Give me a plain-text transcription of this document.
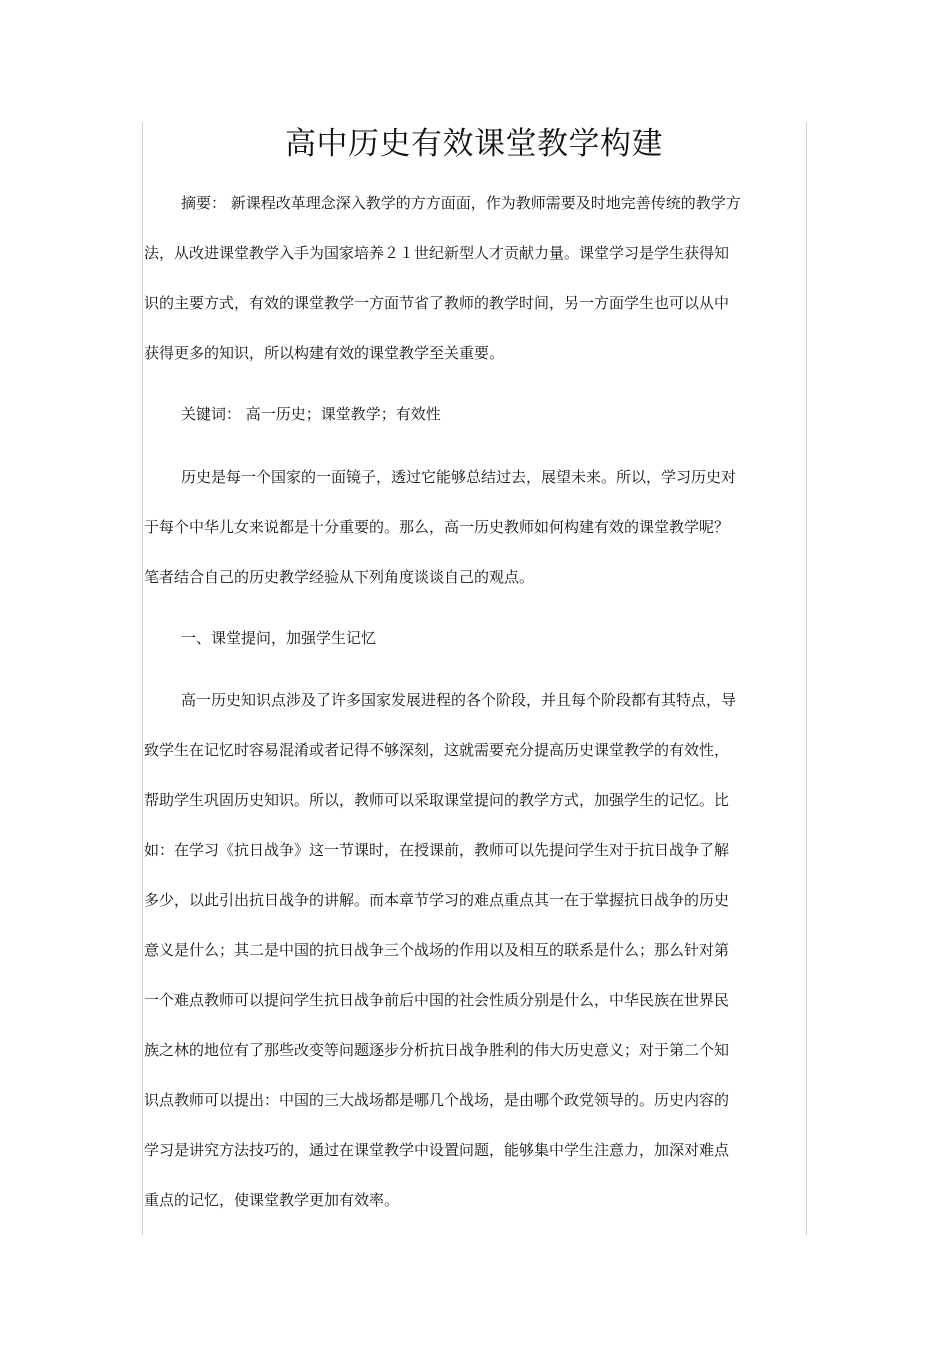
高中历史有效课堂教学构建

摘要： 新课程改革理念深入教学的方方面面，作为教师需要及时地完善传统的教学方

法，从改进课堂教学入手为国家培养２１世纪新型人才贡献力量。课堂学习是学生获得知

识的主要方式，有效的课堂教学一方面节省了教师的教学时间，另一方面学生也可以从中

获得更多的知识，所以构建有效的课堂教学至关重要。

关键词： 高一历史；课堂教学；有效性

历史是每一个国家的一面镜子，透过它能够总结过去，展望未来。所以，学习历史对

于每个中华儿女来说都是十分重要的。那么，高一历史教师如何构建有效的课堂教学呢？

笔者结合自己的历史教学经验从下列角度谈谈自己的观点。

一、课堂提问，加强学生记忆

高一历史知识点涉及了许多国家发展进程的各个阶段，并且每个阶段都有其特点，导

致学生在记忆时容易混淆或者记得不够深刻，这就需要充分提高历史课堂教学的有效性，

帮助学生巩固历史知识。所以，教师可以采取课堂提问的教学方式，加强学生的记忆。比

如：在学习《抗日战争》这一节课时，在授课前，教师可以先提问学生对于抗日战争了解

多少，以此引出抗日战争的讲解。而本章节学习的难点重点其一在于掌握抗日战争的历史

意义是什么；其二是中国的抗日战争三个战场的作用以及相互的联系是什么；那么针对第

一个难点教师可以提问学生抗日战争前后中国的社会性质分别是什么，中华民族在世界民

族之林的地位有了那些改变等问题逐步分析抗日战争胜利的伟大历史意义；对于第二个知

识点教师可以提出：中国的三大战场都是哪几个战场，是由哪个政党领导的。历史内容的

学习是讲究方法技巧的，通过在课堂教学中设置问题，能够集中学生注意力，加深对难点

重点的记忆，使课堂教学更加有效率。
